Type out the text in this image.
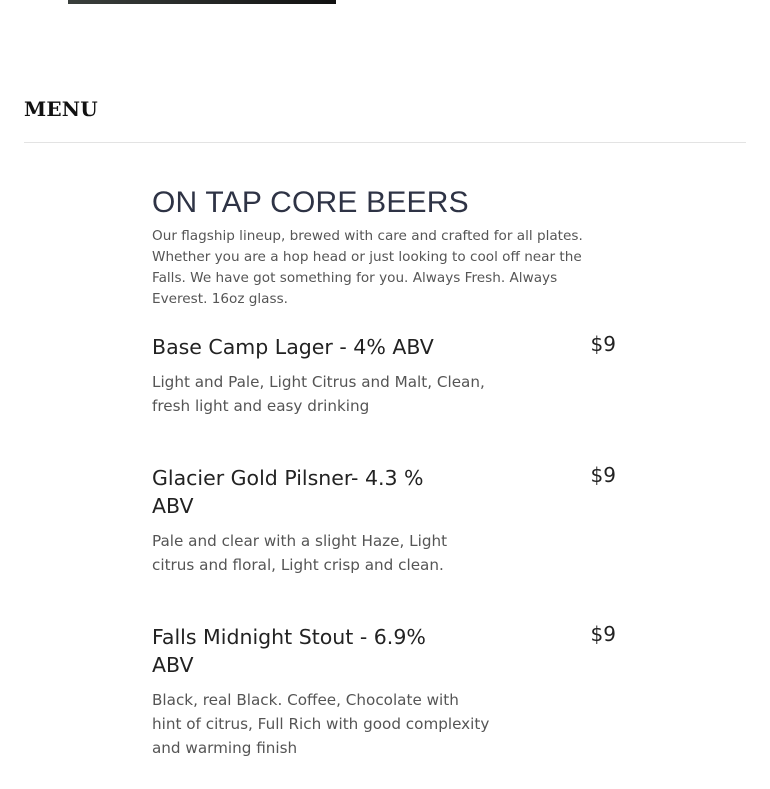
MENU
ON TAP CORE BEERS

Our flagship lineup, brewed with care and crafted for all plates. Whether you are a hop head or just looking to cool off near the Falls. We have got something for you. Always Fresh. Always Everest. 16oz glass.

Base Camp Lager - 4% ABV	$9

Light and Pale, Light Citrus and Malt, Clean, fresh light and easy drinking

Glacier Gold Pilsner- 4.3 % ABV
$9

Pale and clear with a slight Haze, Light citrus and floral, Light crisp and clean.

Falls Midnight Stout - 6.9% ABV
$9

Black, real Black. Coffee, Chocolate with hint of citrus, Full Rich with good complexity and warming finish
